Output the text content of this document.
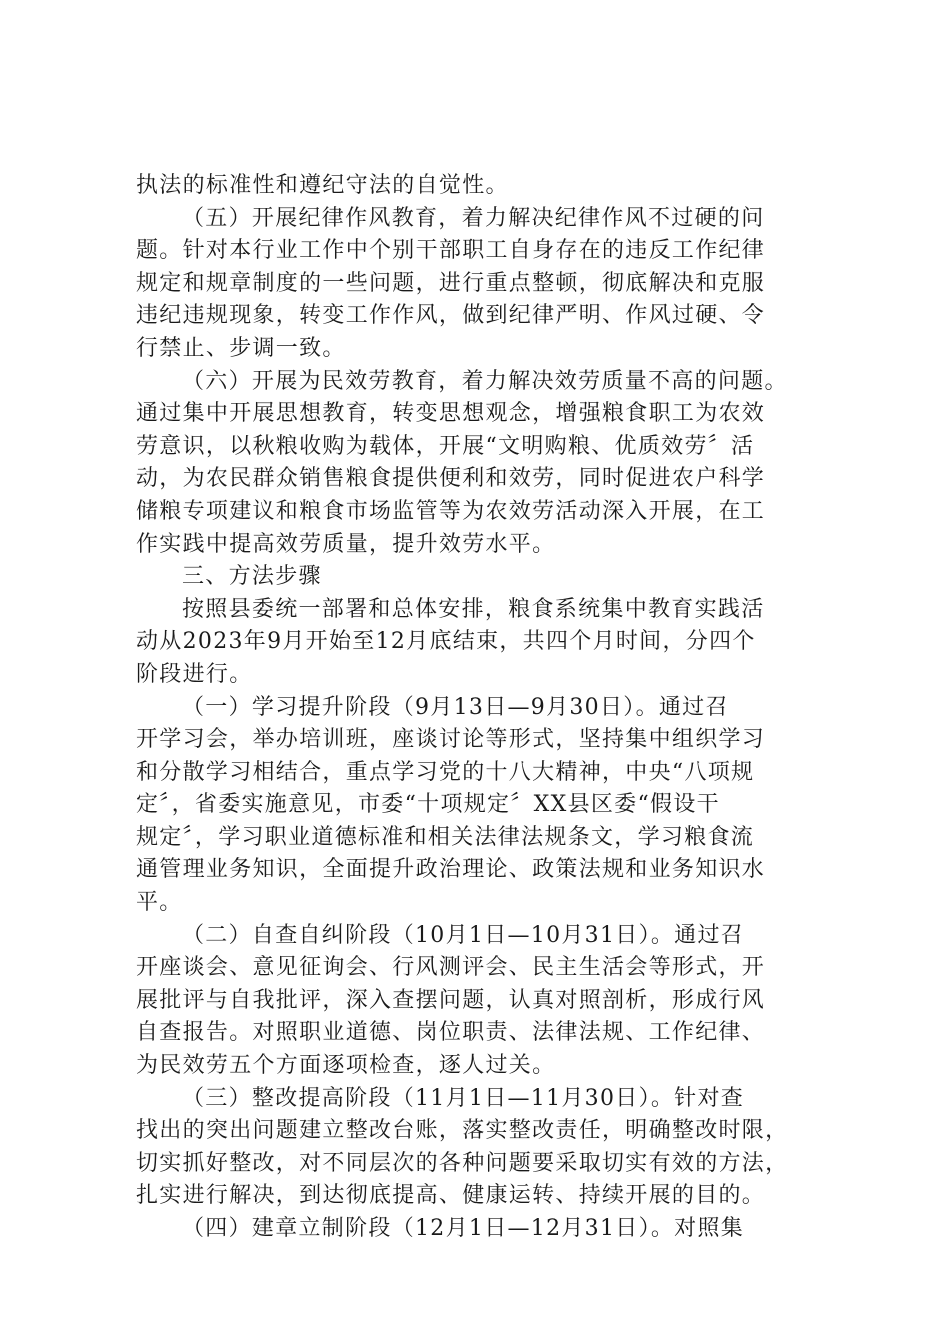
执法的标准性和遵纪守法的自觉性。
（五）开展纪律作风教育，着力解决纪律作风不过硬的问
题。针对本行业工作中个别干部职工自身存在的违反工作纪律
规定和规章制度的一些问题，进行重点整顿，彻底解决和克服
违纪违规现象，转变工作作风，做到纪律严明、作风过硬、令
行禁止、步调一致。
（六）开展为民效劳教育，着力解决效劳质量不高的问题。
通过集中开展思想教育，转变思想观念，增强粮食职工为农效
劳意识，以秋粮收购为载体，开展“文明购粮、优质效劳〞活
动，为农民群众销售粮食提供便利和效劳，同时促进农户科学
储粮专项建议和粮食市场监管等为农效劳活动深入开展，在工
作实践中提高效劳质量，提升效劳水平。
三、方法步骤
按照县委统一部署和总体安排，粮食系统集中教育实践活
动从2023年9月开始至12月底结束，共四个月时间，分四个
阶段进行。
（一）学习提升阶段（9月13日—9月30日）。通过召
开学习会，举办培训班，座谈讨论等形式，坚持集中组织学习
和分散学习相结合，重点学习党的十八大精神，中央“八项规
定〞，省委实施意见，市委“十项规定〞XX县区委“假设干
规定〞，学习职业道德标准和相关法律法规条文，学习粮食流
通管理业务知识，全面提升政治理论、政策法规和业务知识水
平。
（二）自查自纠阶段（10月1日—10月31日）。通过召
开座谈会、意见征询会、行风测评会、民主生活会等形式，开
展批评与自我批评，深入查摆问题，认真对照剖析，形成行风
自查报告。对照职业道德、岗位职责、法律法规、工作纪律、
为民效劳五个方面逐项检查，逐人过关。
（三）整改提高阶段（11月1日—11月30日）。针对查
找出的突出问题建立整改台账，落实整改责任，明确整改时限，
切实抓好整改，对不同层次的各种问题要采取切实有效的方法，
扎实进行解决，到达彻底提高、健康运转、持续开展的目的。
（四）建章立制阶段（12月1日—12月31日）。对照集
